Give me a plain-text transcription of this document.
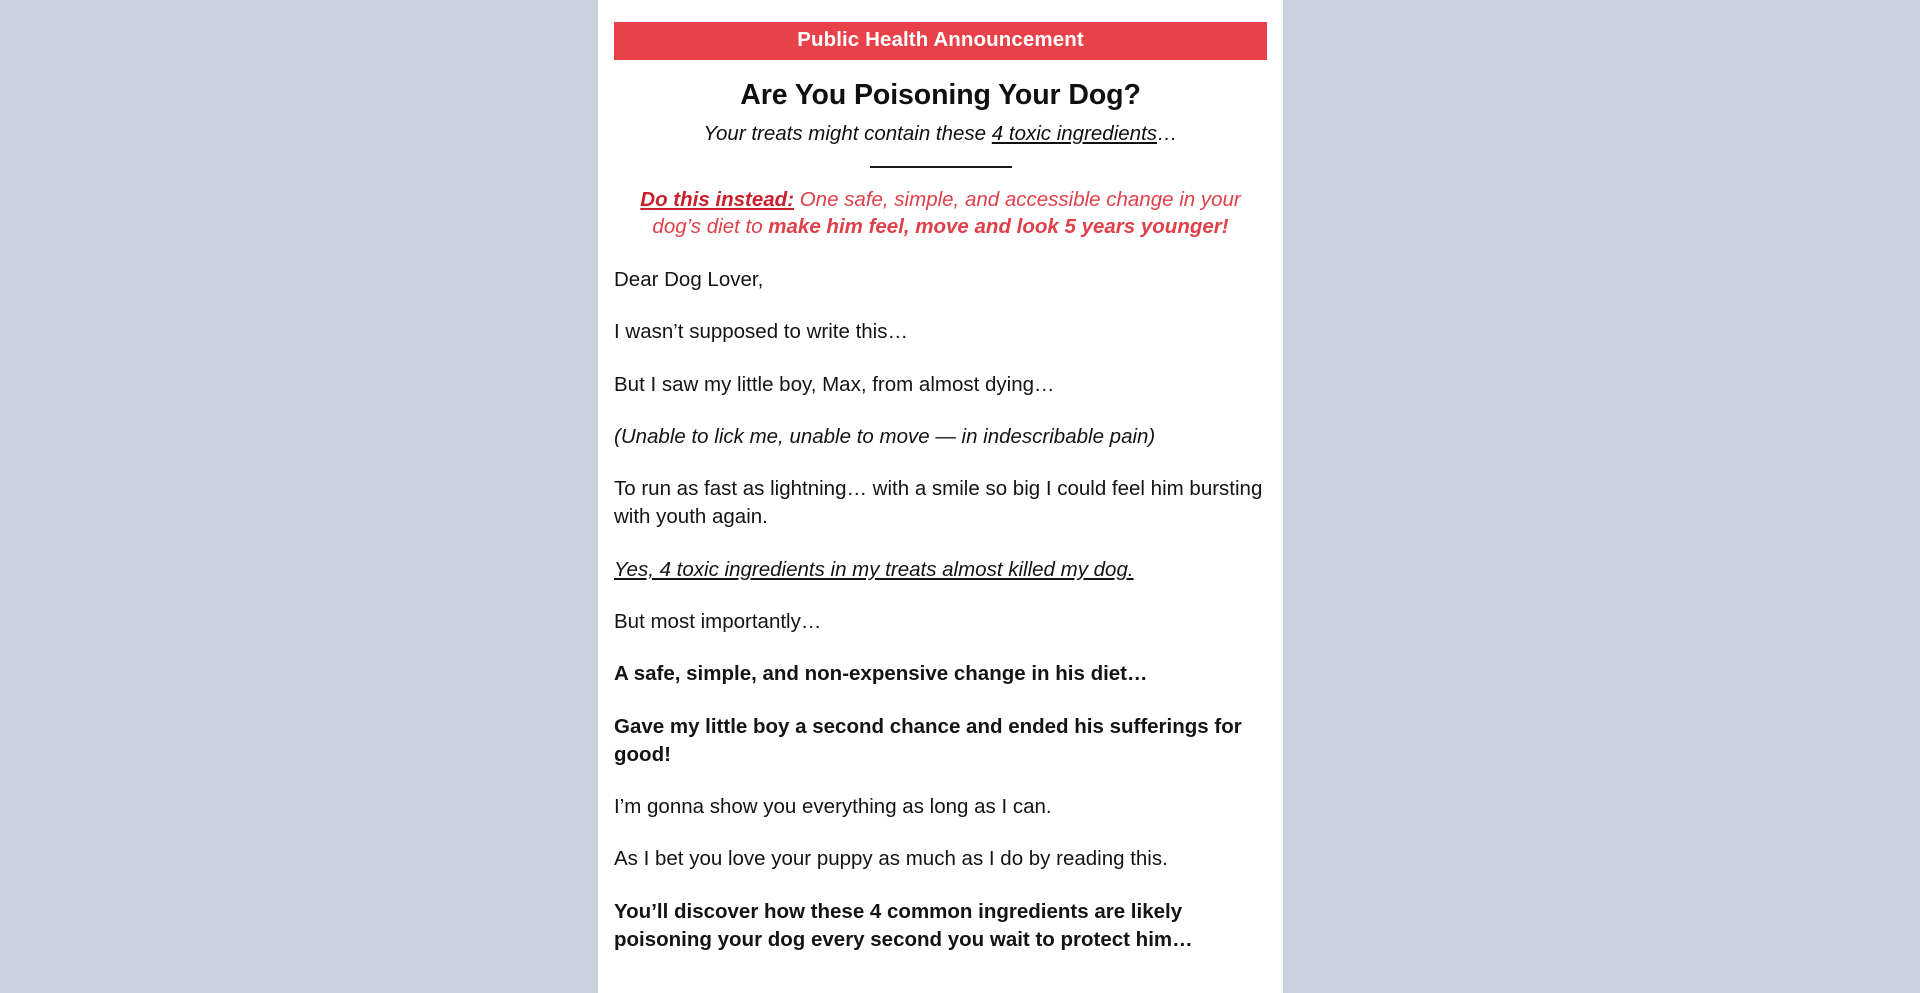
Public Health Announcement
Are You Poisoning Your Dog?
Your treats might contain these 4 toxic ingredients…
Do this instead: One safe, simple, and accessible change in your dog’s diet to make him feel, move and look 5 years younger!

Dear Dog Lover,

I wasn’t supposed to write this…

But I saw my little boy, Max, from almost dying…

(Unable to lick me, unable to move — in indescribable pain)

To run as fast as lightning… with a smile so big I could feel him bursting with youth again.

Yes, 4 toxic ingredients in my treats almost killed my dog.

But most importantly…

A safe, simple, and non-expensive change in his diet…

Gave my little boy a second chance and ended his sufferings for good!

I’m gonna show you everything as long as I can.

As I bet you love your puppy as much as I do by reading this.

You’ll discover how these 4 common ingredients are likely poisoning your dog every second you wait to protect him…
